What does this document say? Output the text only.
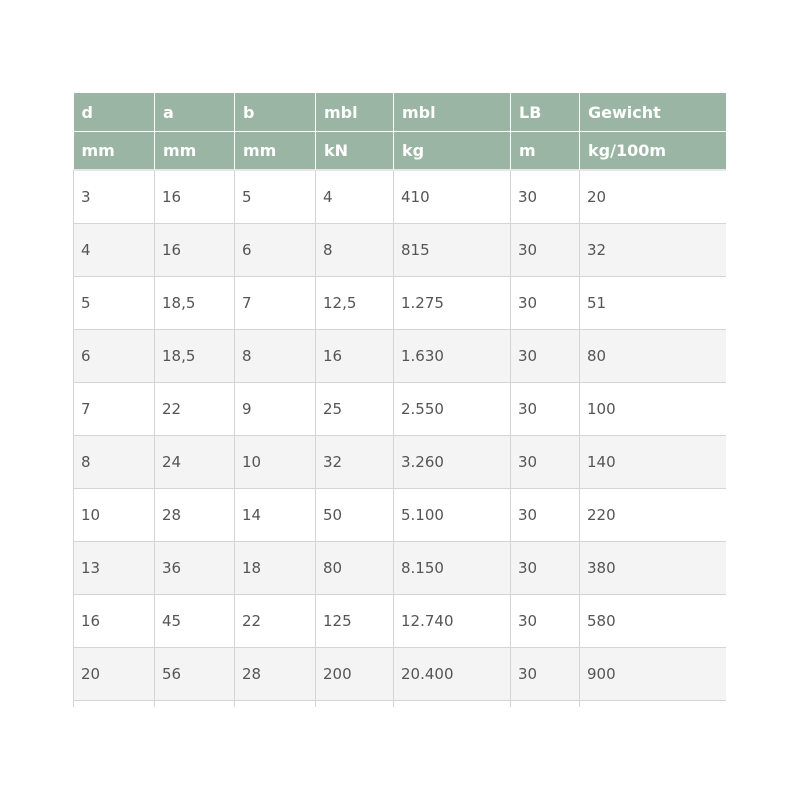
d	a	b	mbl	mbl	LB	Gewicht
mm	mm	mm	kN	kg	m	kg/100m
3	16	5	4	410	30	20
4	16	6	8	815	30	32
5	18,5	7	12,5	1.275	30	51
6	18,5	8	16	1.630	30	80
7	22	9	25	2.550	30	100
8	24	10	32	3.260	30	140
10	28	14	50	5.100	30	220
13	36	18	80	8.150	30	380
16	45	22	125	12.740	30	580
20	56	28	200	20.400	30	900
